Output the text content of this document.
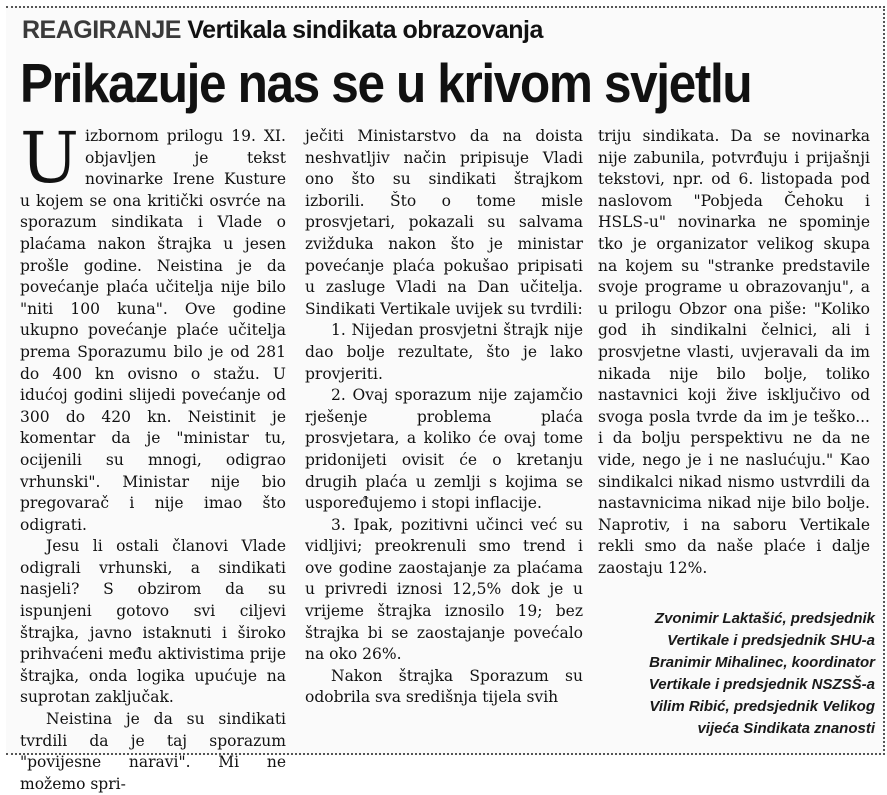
REAGIRANJE Vertikala sindikata obrazovanja
Prikazuje nas se u krivom svjetlu

Uizbornom prilogu 19. XI. objavljen je tekst novinarke Irene Kusture u kojem se ona kritički osvrće na sporazum sindikata i Vlade o plaćama nakon štrajka u jesen prošle godine. Neistina je da povećanje plaća učitelja nije bilo "niti 100 kuna". Ove godine ukupno povećanje plaće učitelja prema Sporazumu bilo je od 281 do 400 kn ovisno o stažu. U idućoj godini slijedi povećanje od 300 do 420 kn. Neistinit je komentar da je "ministar tu, ocijenili su mnogi, odigrao vrhunski". Ministar nije bio pregovarač i nije imao što odigrati.

Jesu li ostali članovi Vlade odigrali vrhunski, a sindikati nasjeli? S obzirom da su ispunjeni gotovo svi ciljevi štrajka, javno istaknuti i široko prihvaćeni među aktivistima prije štrajka, onda logika upućuje na suprotan zaključak.

Neistina je da su sindikati tvrdili da je taj sporazum "povijesne naravi". Mi ne možemo spri-

ječiti Ministarstvo da na doista neshvatljiv način pripisuje Vladi ono što su sindikati štrajkom izborili. Što o tome misle prosvjetari, pokazali su salvama zvižduka nakon što je ministar povećanje plaća pokušao pripisati u zasluge Vladi na Dan učitelja. Sindikati Vertikale uvijek su tvrdili:

1. Nijedan prosvjetni štrajk nije dao bolje rezultate, što je lako provjeriti.

2. Ovaj sporazum nije zajamčio rješenje problema plaća prosvjetara, a koliko će ovaj tome pridonijeti ovisit će o kretanju drugih plaća u zemlji s kojima se uspoređujemo i stopi inflacije.

3. Ipak, pozitivni učinci već su vidljivi; preokrenuli smo trend i ove godine zaostajanje za plaćama u privredi iznosi 12,5% dok je u vrijeme štrajka iznosilo 19; bez štrajka bi se zaostajanje povećalo na oko 26%.

Nakon štrajka Sporazum su odobrila sva središnja tijela svih

triju sindikata. Da se novinarka nije zabunila, potvrđuju i prijašnji tekstovi, npr. od 6. listopada pod naslovom "Pobjeda Čehoku i HSLS-u" novinarka ne spominje tko je organizator velikog skupa na kojem su "stranke predstavile svoje programe u obrazovanju", a u prilogu Obzor ona piše: "Koliko god ih sindikalni čelnici, ali i prosvjetne vlasti, uvjeravali da im nikada nije bilo bolje, toliko nastavnici koji žive isključivo od svoga posla tvrde da im je teško... i da bolju perspektivu ne da ne vide, nego je i ne naslućuju." Kao sindikalci nikad nismo ustvrdili da nastavnicima nikad nije bilo bolje. Naprotiv, i na saboru Vertikale rekli smo da naše plaće i dalje zaostaju 12%.

Zvonimir Laktašić, predsjednik
Vertikale i predsjednik SHU-a
Branimir Mihalinec, koordinator
Vertikale i predsjednik NSZSŠ-a
Vilim Ribić, predsjednik Velikog
vijeća Sindikata znanosti
